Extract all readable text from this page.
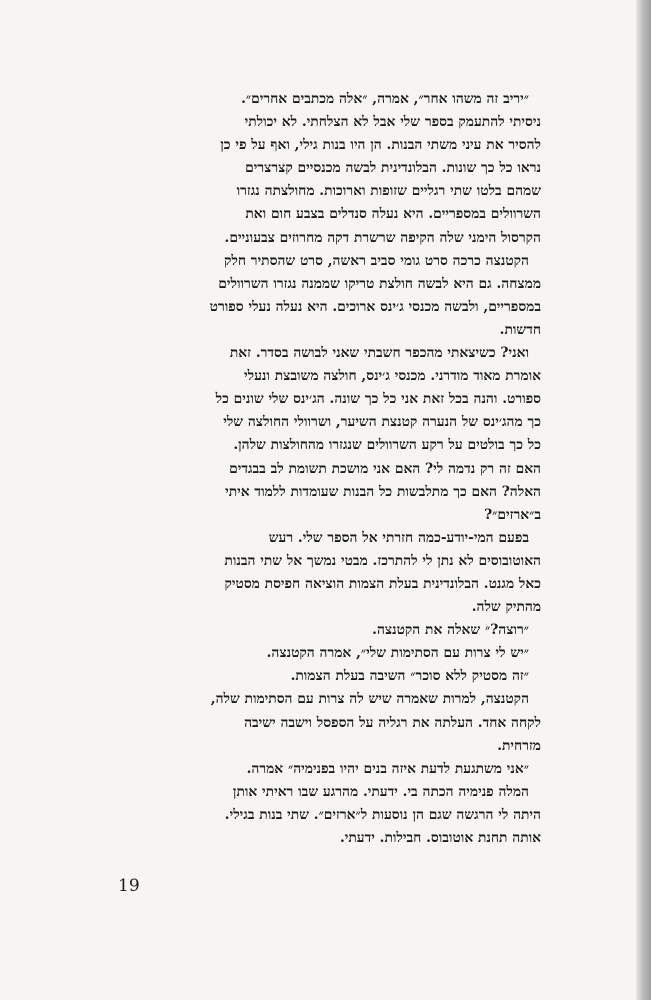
״יריב זה משהו אחר״, אמרה, ״אלה מכתבים אחרים״.
ניסיתי להתעמק בספר שלי אבל לא הצלחתי. לא יכולתי
להסיר את עיני משתי הבנות. הן היו בנות גילי, ואף על פי כן
נראו כל כך שונות. הבלונדינית לבשה מכנסיים קצרצרים
שמהם בלטו שתי רגליים שזופות וארוכות. מחולצתה נגזרו
השרוולים במספריים. היא נעלה סנדלים בצבע חום ואת
הקרסול הימני שלה הקיפה שרשרת דקה מחרוזים צבעוניים.
הקטנצה כרכה סרט גומי סביב ראשה, סרט שהסתיר חלק
ממצחה. גם היא לבשה חולצת טריקו שממנה נגזרו השרוולים
במספריים, ולבשה מכנסי ג׳ינס ארוכים. היא נעלה נעלי ספורט
חדשות.
ואני? כשיצאתי מהכפר חשבתי שאני לבושה בסדר. זאת
אומרת מאוד מודרני. מכנסי ג׳ינס, חולצה משובצת ונעלי
ספורט. והנה בכל זאת אני כל כך שונה. הג׳ינס שלי שונים כל
כך מהג׳ינס של הנערה קטנצת השיער, ושרוולי החולצה שלי
כל כך בולטים על רקע השרוולים שנגזרו מהחולצות שלהן.
האם זה רק נדמה לי? האם אני מושכת תשומת לב בבגדים
האלה? האם כך מתלבשות כל הבנות שעומדות ללמוד איתי
ב״ארזים״?
בפעם המי-יודע-כמה חזרתי אל הספר שלי. רעש
האוטובוסים לא נתן לי להתרכז. מבטי נמשך אל שתי הבנות
כאל מגנט. הבלונדינית בעלת הצמות הוציאה חפיסת מסטיק
מהתיק שלה.
״רוצה?״ שאלה את הקטנצה.
״יש לי צרות עם הסתימות שלי״, אמרה הקטנצה.
״זה מסטיק ללא סוכר״ השיבה בעלת הצמות.
הקטנצה, למרות שאמרה שיש לה צרות עם הסתימות שלה,
לקחה אחד. העלתה את רגליה על הספסל וישבה ישיבה
מזרחית.
״אני משתגעת לדעת איזה בנים יהיו בפנימיה״ אמרה.
המלה פנימיה הכתה בי. ידעתי. מהרגע שבו ראיתי אותן
היתה לי הרגשה שגם הן נוסעות ל״ארזים״. שתי בנות בגילי.
אותה תחנת אוטובוס. חבילות. ידעתי.
19
